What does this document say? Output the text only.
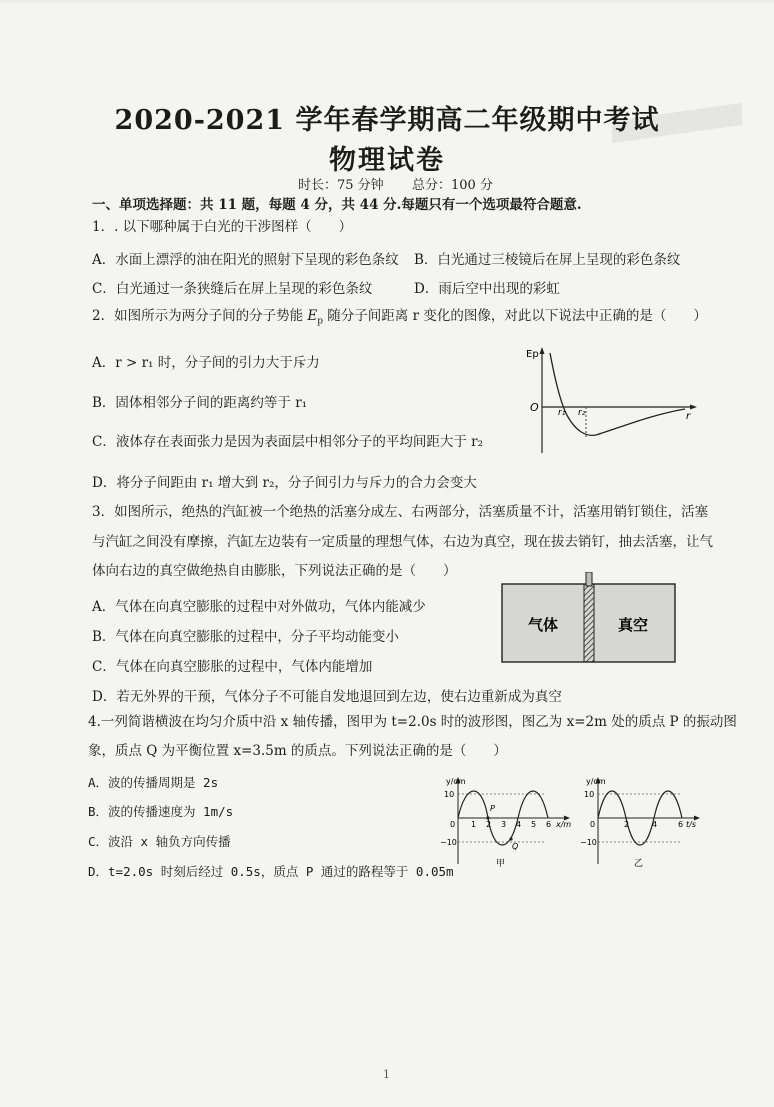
2020-2021 学年春学期高二年级期中考试
物理试卷
时长：75 分钟 总分：100 分
一、单项选择题：共 11 题，每题 4 分，共 44 分.每题只有一个选项最符合题意.
1．. 以下哪种属于白光的干涉图样（　　）
A．水面上漂浮的油在阳光的照射下呈现的彩色条纹 B．白光通过三棱镜后在屏上呈现的彩色条纹
C．白光通过一条狭缝后在屏上呈现的彩色条纹	D．雨后空中出现的彩虹
2．如图所示为两分子间的分子势能 $E_p$ 随分子间距离 r 变化的图像，对此以下说法中正确的是（　　）
A．r > r₁ 时，分子间的引力大于斥力
B．固体相邻分子间的距离约等于 r₁
C．液体存在表面张力是因为表面层中相邻分子的平均间距大于 r₂
D．将分子间距由 r₁ 增大到 r₂，分子间引力与斥力的合力会变大
Ep
O r₁ r₂	r
3．如图所示，绝热的汽缸被一个绝热的活塞分成左、右两部分，活塞质量不计，活塞用销钉锁住，活塞
与汽缸之间没有摩擦，汽缸左边装有一定质量的理想气体，右边为真空，现在拔去销钉，抽去活塞，让气
体向右边的真空做绝热自由膨胀，下列说法正确的是（　　）
A．气体在向真空膨胀的过程中对外做功，气体内能减少
B．气体在向真空膨胀的过程中，分子平均动能变小
C．气体在向真空膨胀的过程中，气体内能增加
D．若无外界的干预，气体分子不可能自发地退回到左边，使右边重新成为真空
气体	真空
4.一列简谐横波在均匀介质中沿 x 轴传播，图甲为 t=2.0s 时的波形图，图乙为 x=2m 处的质点 P 的振动图
象，质点 Q 为平衡位置 x=3.5m 的质点。下列说法正确的是（　　）
A．波的传播周期是 2s
B．波的传播速度为 1m/s
C．波沿 x 轴负方向传播
D．t=2.0s 时刻后经过 0.5s，质点 P 通过的路程等于 0.05m
y/cm
10
−10
0 1 2 3 4 5 6 x/m
P
Q
甲
y/cm
10
−10
0	2	4	6 t/s
乙
1
